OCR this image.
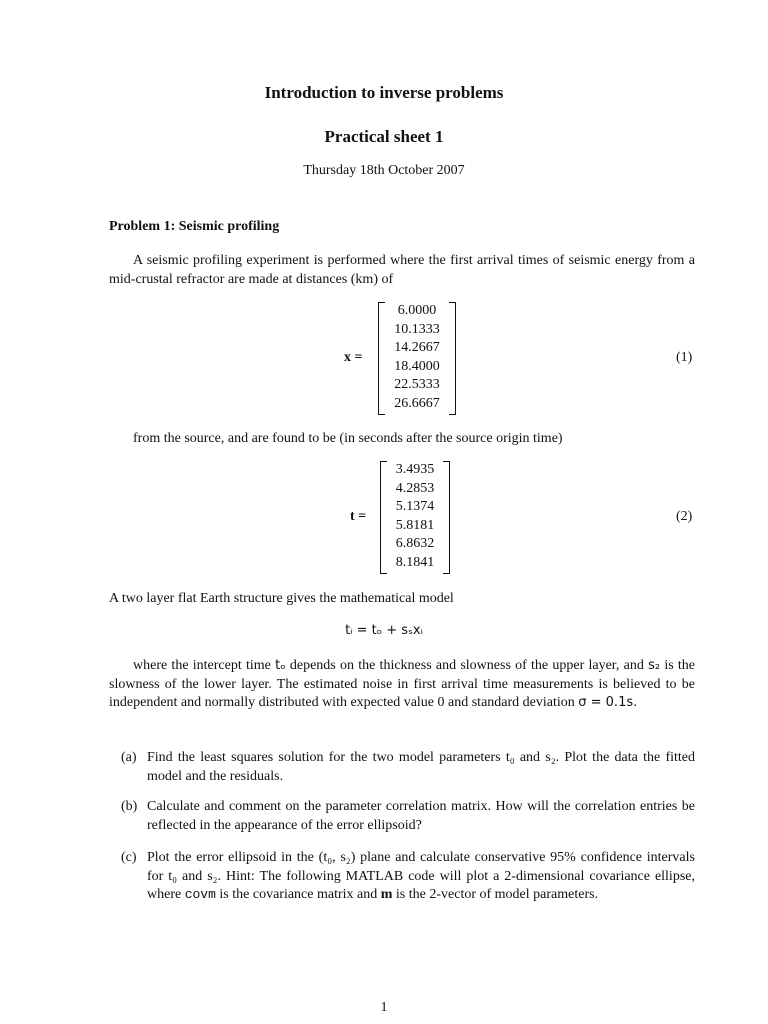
Introduction to inverse problems
Practical sheet 1
Thursday 18th October 2007
Problem 1: Seismic profiling
A seismic profiling experiment is performed where the first arrival times of seismic energy from a mid-crustal refractor are made at distances (km) of
x =
6.0000
10.1333
14.2667
18.4000
22.5333
26.6667
(1)
from the source, and are found to be (in seconds after the source origin time)
t =
3.4935
4.2853
5.1374
5.8181
6.8632
8.1841
(2)
A two layer flat Earth structure gives the mathematical model
tᵢ = tₒ + sₛxᵢ
where the intercept time tₒ depends on the thickness and slowness of the upper layer, and s₂ is the slowness of the lower layer. The estimated noise in first arrival time measurements is believed to be independent and normally distributed with expected value 0 and standard deviation σ = 0.1s.
(a) Find the least squares solution for the two model parameters t₀ and s₂. Plot the data the fitted model and the residuals.
(b) Calculate and comment on the parameter correlation matrix. How will the correlation entries be reflected in the appearance of the error ellipsoid?
(c) Plot the error ellipsoid in the (t₀, s₂) plane and calculate conservative 95% confidence intervals for t₀ and s₂. Hint: The following MATLAB code will plot a 2-dimensional covariance ellipse, where covm is the covariance matrix and m is the 2-vector of model parameters.
1
